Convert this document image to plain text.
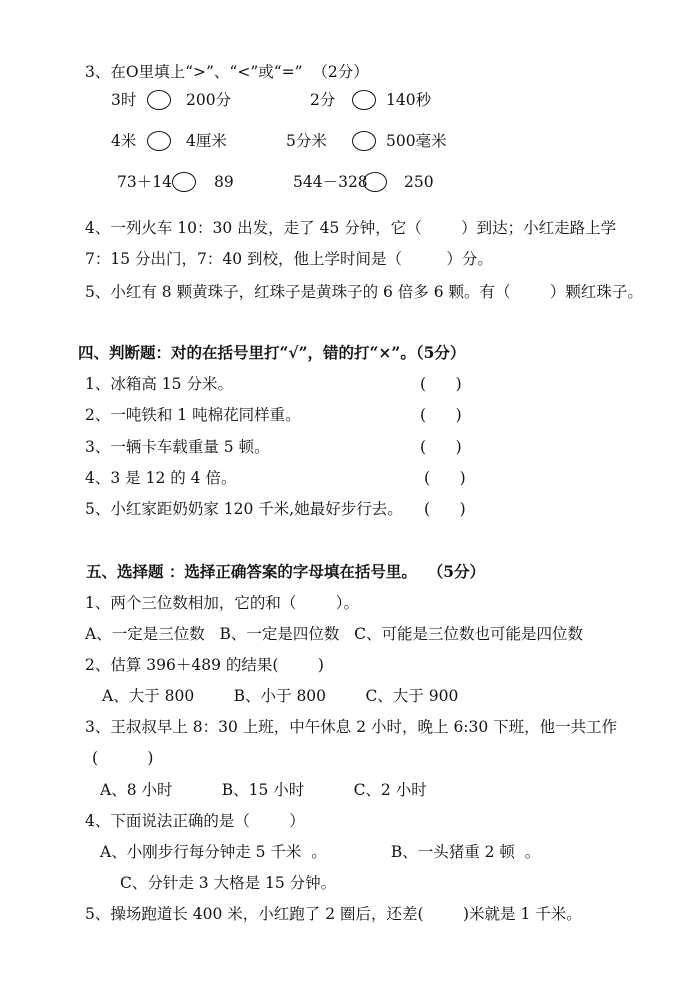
3、在O里填上“>”、“<”或“=”  （2分）
3时	200分	2分	140秒
4米	4厘米	5分米	500毫米
73＋14	89	544－328 250
4、一列火车 10：30 出发，走了 45 分钟，它（        ）到达；小红走路上学
7：15 分出门，7：40 到校，他上学时间是（         ）分。
5、小红有 8 颗黄珠子，红珠子是黄珠子的 6 倍多 6 颗。有（        ）颗红珠子。
四、判断题：对的在括号里打“√”，错的打“×”。（5分）
1、冰箱高 15 分米。	(      )
2、一吨铁和 1 吨棉花同样重。	(      )
3、一辆卡车载重量 5 顿。	(      )
4、3 是 12 的 4 倍。	(      )
5、小红家距奶奶家 120 千米,她最好步行去。 (      )
五、选择题 ：选择正确答案的字母填在括号里。  （5分）
1、两个三位数相加，它的和（        ）。
A、一定是三位数   B、一定是四位数   C、可能是三位数也可能是四位数
2、估算 396＋489 的结果(        )
A、大于 800        B、小于 800        C、大于 900
3、王叔叔早上 8：30 上班，中午休息 2 小时，晚上 6:30 下班，他一共工作
(          )
A、8 小时          B、15 小时          C、2 小时
4、下面说法正确的是（        ）
A、小刚步行每分钟走 5 千米  。             B、一头猪重 2 顿  。
C、分针走 3 大格是 15 分钟。
5、操场跑道长 400 米，小红跑了 2 圈后，还差(        )米就是 1 千米。
